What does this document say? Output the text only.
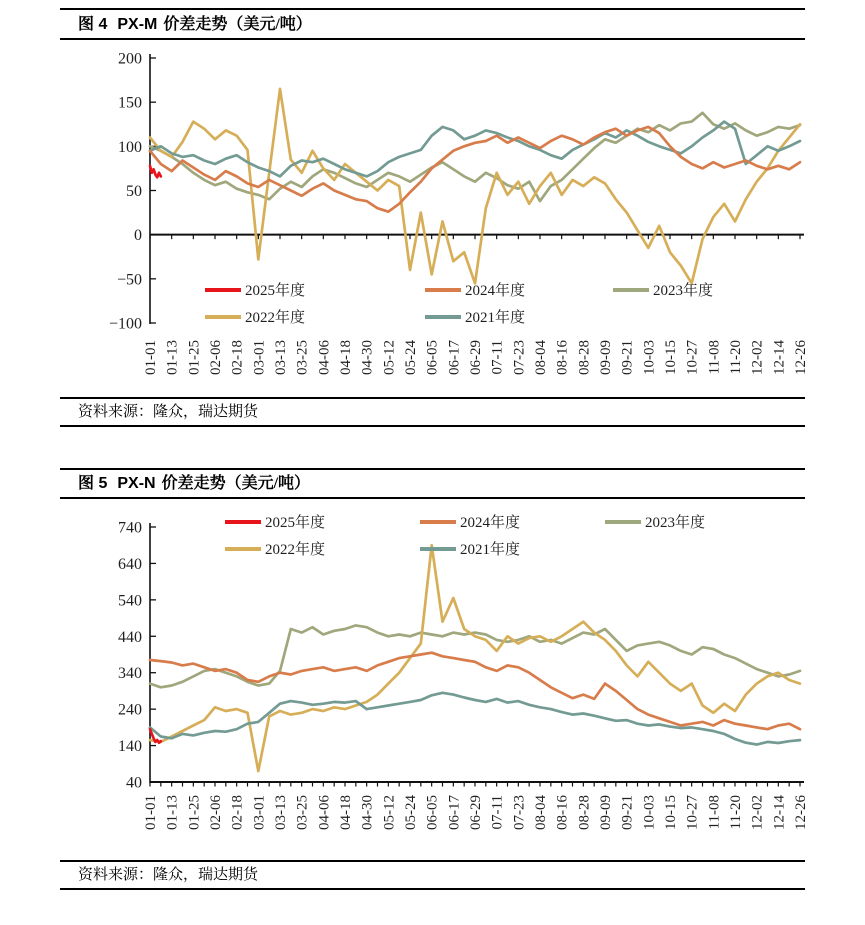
图 4 PX-M 价差走势（美元/吨）
200
150
100
50
0
−50
−100
01-01 01-13 01-25 02-06 02-18 03-01 03-13 03-25 04-06 04-18 04-30 05-12 05-24 06-05 06-17 06-29 07-11 07-23 08-04 08-16 08-28 09-09 09-21 10-03 10-15 10-27 11-08 11-20 12-02 12-14 12-26
2025年度	2024年度	2023年度
2022年度	2021年度
资料来源：隆众，瑞达期货
图 5 PX-N 价差走势（美元/吨）
740
640
540
440
340
240
140
40
01-01 01-13 01-25 02-06 02-18 03-01 03-13 03-25 04-06 04-18 04-30 05-12 05-24 06-05 06-17 06-29 07-11 07-23 08-04 08-16 08-28 09-09 09-21 10-03 10-15 10-27 11-08 11-20 12-02 12-14 12-26
2025年度	2024年度	2023年度
2022年度	2021年度
资料来源：隆众，瑞达期货
